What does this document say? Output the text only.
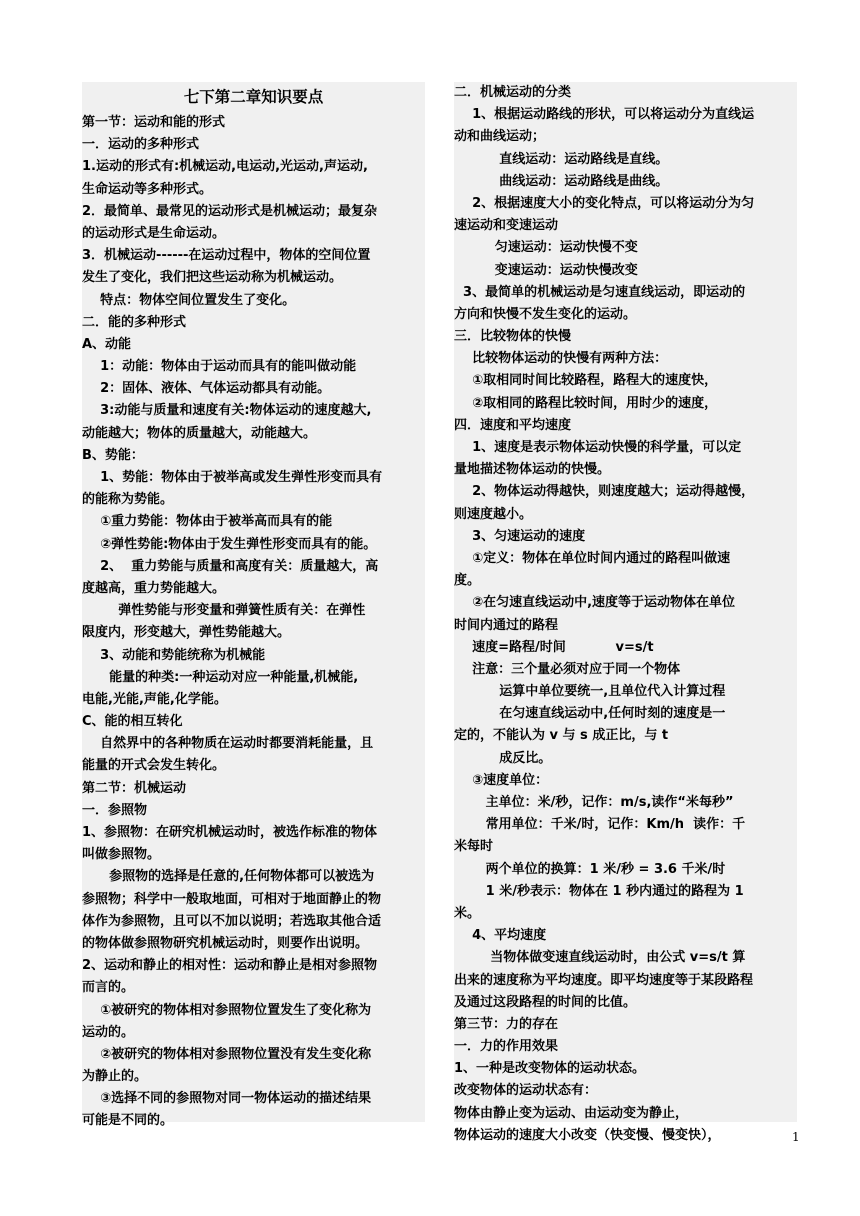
七下第二章知识要点
第一节：运动和能的形式
一．运动的多种形式
1.运动的形式有:机械运动,电运动,光运动,声运动,
生命运动等多种形式。
2．最简单、最常见的运动形式是机械运动；最复杂
的运动形式是生命运动。
3．机械运动------在运动过程中，物体的空间位置
发生了变化，我们把这些运动称为机械运动。
特点：物体空间位置发生了变化。
二．能的多种形式
A、动能
1：动能：物体由于运动而具有的能叫做动能
2：固体、液体、气体运动都具有动能。
3:动能与质量和速度有关:物体运动的速度越大,
动能越大；物体的质量越大，动能越大。
B、势能：
1、势能：物体由于被举高或发生弹性形变而具有
的能称为势能。
①重力势能：物体由于被举高而具有的能
②弹性势能:物体由于发生弹性形变而具有的能。
2、  重力势能与质量和高度有关：质量越大，高
度越高，重力势能越大。
弹性势能与形变量和弹簧性质有关：在弹性
限度内，形变越大，弹性势能越大。
3、动能和势能统称为机械能
能量的种类:一种运动对应一种能量,机械能,
电能,光能,声能,化学能。
C、能的相互转化
自然界中的各种物质在运动时都要消耗能量，且
能量的开式会发生转化。
第二节：机械运动
一．参照物
1、参照物：在研究机械运动时，被选作标准的物体
叫做参照物。
参照物的选择是任意的,任何物体都可以被选为
参照物；科学中一般取地面，可相对于地面静止的物
体作为参照物，且可以不加以说明；若选取其他合适
的物体做参照物研究机械运动时，则要作出说明。
2、运动和静止的相对性：运动和静止是相对参照物
而言的。
①被研究的物体相对参照物位置发生了变化称为
运动的。
②被研究的物体相对参照物位置没有发生变化称
为静止的。
③选择不同的参照物对同一物体运动的描述结果
可能是不同的。
二．机械运动的分类
1、根据运动路线的形状，可以将运动分为直线运
动和曲线运动；
直线运动：运动路线是直线。
曲线运动：运动路线是曲线。
2、根据速度大小的变化特点，可以将运动分为匀
速运动和变速运动
匀速运动：运动快慢不变
变速运动：运动快慢改变
3、最简单的机械运动是匀速直线运动，即运动的
方向和快慢不发生变化的运动。
三．比较物体的快慢
比较物体运动的快慢有两种方法：
①取相同时间比较路程，路程大的速度快，
②取相同的路程比较时间，用时少的速度，
四．速度和平均速度
1、速度是表示物体运动快慢的科学量，可以定
量地描述物体运动的快慢。
2、物体运动得越快，则速度越大；运动得越慢，
则速度越小。
3、匀速运动的速度
①定义：物体在单位时间内通过的路程叫做速
度。
②在匀速直线运动中,速度等于运动物体在单位
时间内通过的路程
速度=路程/时间           v=s/t
注意：三个量必须对应于同一个物体
运算中单位要统一,且单位代入计算过程
在匀速直线运动中,任何时刻的速度是一
定的，不能认为 v 与 s 成正比，与 t
成反比。
③速度单位：
主单位：米/秒，记作：m/s,读作“米每秒”
常用单位：千米/时，记作：Km/h  读作：千
米每时
两个单位的换算：1 米/秒 = 3.6 千米/时
1 米/秒表示：物体在 1 秒内通过的路程为 1
米。
4、平均速度
当物体做变速直线运动时，由公式 v=s/t 算
出来的速度称为平均速度。即平均速度等于某段路程
及通过这段路程的时间的比值。
第三节：力的存在
一．力的作用效果
1、一种是改变物体的运动状态。
改变物体的运动状态有：
物体由静止变为运动、由运动变为静止，
物体运动的速度大小改变（快变慢、慢变快），	1
